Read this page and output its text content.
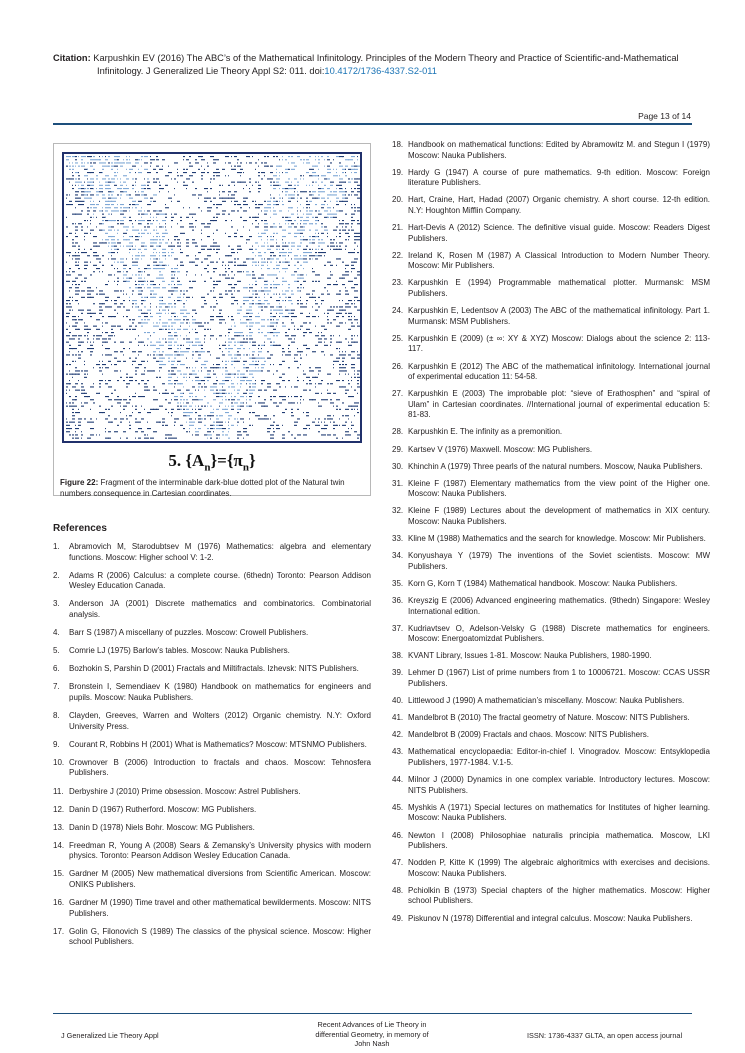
Citation: Karpushkin EV (2016) The ABC’s of the Mathematical Infinitology. Principles of the Modern Theory and Practice of Scientific-and-Mathematical Infinitology. J Generalized Lie Theory Appl S2: 011. doi:10.4172/1736-4337.S2-011
Page 13 of 14
5. $\{A_n\}=\{\pi_n\}$
Figure 22: Fragment of the interminable dark-blue dotted plot of the Natural twin numbers consequence in Cartesian coordinates.
References
1. Abramovich M, Starodubtsev M (1976) Mathematics: algebra and elementary functions. Moscow: Higher school V: 1-2.
2. Adams R (2006) Calculus: a complete course. (6thedn) Toronto: Pearson Addison Wesley Education Canada.
3. Anderson JA (2001) Discrete mathematics and combinatorics. Combinatorial analysis.
4. Barr S (1987) A miscellany of puzzles. Moscow: Crowell Publishers.
5. Comrie LJ (1975) Barlow’s tables. Moscow: Nauka Publishers.
6. Bozhokin S, Parshin D (2001) Fractals and Miltifractals. Izhevsk: NITS Publishers.
7. Bronstein I, Semendiaev K (1980) Handbook on mathematics for engineers and pupils. Moscow: Nauka Publishers.
8. Clayden, Greeves, Warren and Wolters (2012) Organic chemistry. N.Y: Oxford University Press.
9. Courant R, Robbins H (2001) What is Mathematics? Moscow: MTSNMO Publishers.
10. Crownover B (2006) Introduction to fractals and chaos. Moscow: Tehnosfera Publishers.
11. Derbyshire J (2010) Prime obsession. Moscow: Astrel Publishers.
12. Danin D (1967) Rutherford. Moscow: MG Publishers.
13. Danin D (1978) Niels Bohr. Moscow: MG Publishers.
14. Freedman R, Young A (2008) Sears & Zemansky’s University physics with modern physics. Toronto: Pearson Addison Wesley Education Canada.
15. Gardner M (2005) New mathematical diversions from Scientific American. Moscow: ONIKS Publishers.
16. Gardner M (1990) Time travel and other mathematical bewilderments. Moscow: NITS Publishers.
17. Golin G, Filonovich S (1989) The classics of the physical science. Moscow: Higher school Publishers.
18. Handbook on mathematical functions: Edited by Abramowitz M. and Stegun I (1979) Moscow: Nauka Publishers.
19. Hardy G (1947) A course of pure mathematics. 9-th edition. Moscow: Foreign literature Publishers.
20. Hart, Craine, Hart, Hadad (2007) Organic chemistry. A short course. 12-th edition. N.Y: Houghton Mifflin Company.
21. Hart-Devis A (2012) Science. The definitive visual guide. Moscow: Readers Digest Publishers.
22. Ireland K, Rosen M (1987) A Classical Introduction to Modern Number Theory. Moscow: Mir Publishers.
23. Karpushkin E (1994) Programmable mathematical plotter. Murmansk: MSM Publishers.
24. Karpushkin E, Ledentsov A (2003) The ABC of the mathematical infinitology. Part 1. Murmansk: MSM Publishers.
25. Karpushkin E (2009) (± ∞: XY & XYZ) Moscow: Dialogs about the science 2: 113-117.
26. Karpushkin E (2012) The ABC of the mathematical infinitology. International journal of experimental education 11: 54-58.
27. Karpushkin E (2003) The improbable plot: “sieve of Erathosphen” and “spiral of Ulam” in Cartesian coordinates. //International journal of experimental education 5: 81-83.
28. Karpushkin E. The infinity as a premonition.
29. Kartsev V (1976) Maxwell. Moscow: MG Publishers.
30. Khinchin A (1979) Three pearls of the natural numbers. Moscow, Nauka Publishers.
31. Kleine F (1987) Elementary mathematics from the view point of the Higher one. Moscow: Nauka Publishers.
32. Kleine F (1989) Lectures about the development of mathematics in XIX century. Moscow: Nauka Publishers.
33. Kline M (1988) Mathematics and the search for knowledge. Moscow: Mir Publishers.
34. Konyushaya Y (1979) The inventions of the Soviet scientists. Moscow: MW Publishers.
35. Korn G, Korn T (1984) Mathematical handbook. Moscow: Nauka Publishers.
36. Kreyszig E (2006) Advanced engineering mathematics. (9thedn) Singapore: Wesley International edition.
37. Kudriavtsev O, Adelson-Velsky G (1988) Discrete mathematics for engineers. Moscow: Energoatomizdat Publishers.
38. KVANT Library, Issues 1-81. Moscow: Nauka Publishers, 1980-1990.
39. Lehmer D (1967) List of prime numbers from 1 to 10006721. Moscow: CCAS USSR Publishers.
40. Littlewood J (1990) A mathematician’s miscellany. Moscow: Nauka Publishers.
41. Mandelbrot B (2010) The fractal geometry of Nature. Moscow: NITS Publishers.
42. Mandelbrot B (2009) Fractals and chaos. Moscow: NITS Publishers.
43. Mathematical encyclopaedia: Editor-in-chief I. Vinogradov. Moscow: Entsyklopedia Publishers, 1977-1984. V.1-5.
44. Milnor J (2000) Dynamics in one complex variable. Introductory lectures. Moscow: NITS Publishers.
45. Myshkis A (1971) Special lectures on mathematics for Institutes of higher learning. Moscow: Nauka Publishers.
46. Newton I (2008) Philosophiae naturalis principia mathematica. Moscow, LKI Publishers.
47. Nodden P, Kitte K (1999) The algebraic alghoritmics with exercises and decisions. Moscow: Nauka Publishers.
48. Pchiolkin B (1973) Special chapters of the higher mathematics. Moscow: Higher school Publishers.
49. Piskunov N (1978) Differential and integral calculus. Moscow: Nauka Publishers.
J Generalized Lie Theory Appl
Recent Advances of Lie Theory in
differential Geometry, in memory of
John Nash
ISSN: 1736-4337 GLTA, an open access journal
